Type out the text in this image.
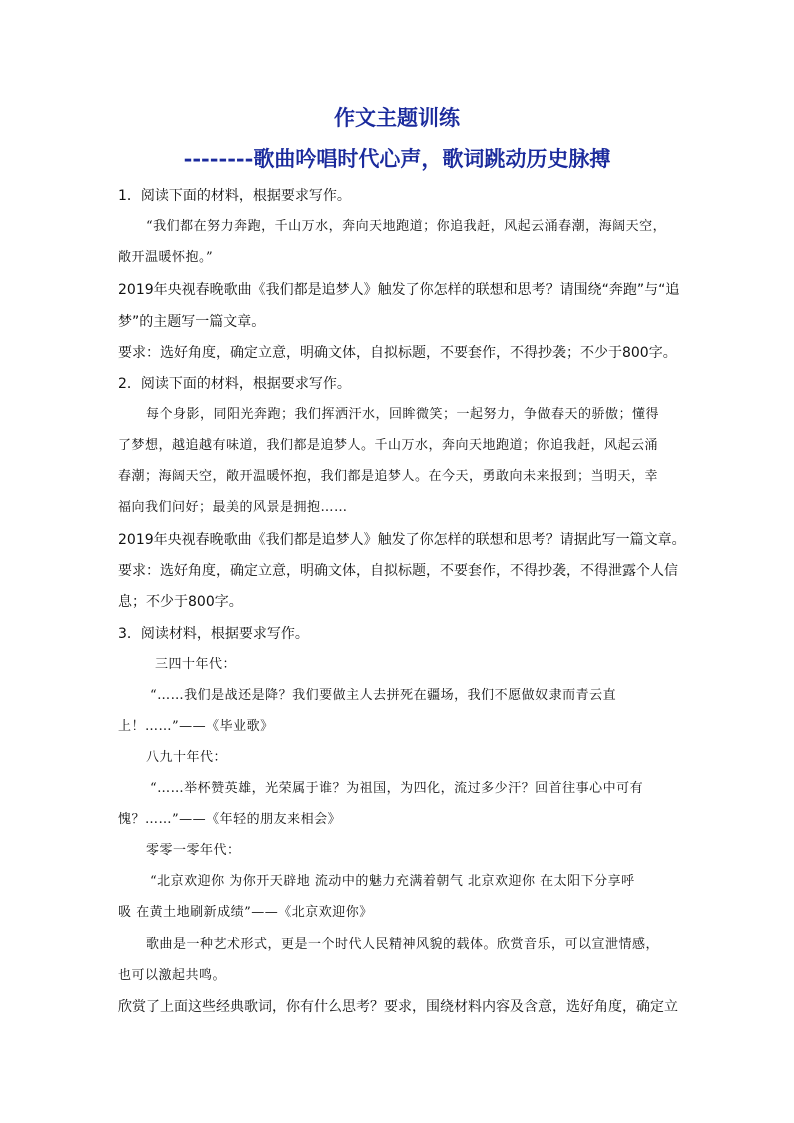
作文主题训练
--------歌曲吟唱时代心声，歌词跳动历史脉搏
1．阅读下面的材料，根据要求写作。
“我们都在努力奔跑，千山万水，奔向天地跑道；你追我赶，风起云涌春潮，海阔天空，
敞开温暖怀抱。”
2019年央视春晚歌曲《我们都是追梦人》触发了你怎样的联想和思考？请围绕“奔跑”与“追
梦”的主题写一篇文章。
要求：选好角度，确定立意，明确文体，自拟标题，不要套作，不得抄袭；不少于800字。
2．阅读下面的材料，根据要求写作。
每个身影，同阳光奔跑；我们挥洒汗水，回眸微笑；一起努力，争做春天的骄傲；懂得
了梦想，越追越有味道，我们都是追梦人。千山万水，奔向天地跑道；你追我赶，风起云涌
春潮；海阔天空，敞开温暖怀抱，我们都是追梦人。在今天，勇敢向未来报到；当明天，幸
福向我们问好；最美的风景是拥抱……
2019年央视春晚歌曲《我们都是追梦人》触发了你怎样的联想和思考？请据此写一篇文章。
要求：选好角度，确定立意，明确文体，自拟标题，不要套作，不得抄袭，不得泄露个人信
息；不少于800字。
3．阅读材料，根据要求写作。
三四十年代：
“……我们是战还是降？我们要做主人去拼死在疆场，我们不愿做奴隶而青云直
上！……”——《毕业歌》
八九十年代：
“……举杯赞英雄，光荣属于谁？为祖国，为四化，流过多少汗？回首往事心中可有
愧？……”——《年轻的朋友来相会》
零零一零年代：
“北京欢迎你 为你开天辟地 流动中的魅力充满着朝气 北京欢迎你 在太阳下分享呼
吸 在黄土地刷新成绩”——《北京欢迎你》
歌曲是一种艺术形式，更是一个时代人民精神风貌的载体。欣赏音乐，可以宣泄情感，
也可以激起共鸣。
欣赏了上面这些经典歌词，你有什么思考？要求，围绕材料内容及含意，选好角度，确定立
